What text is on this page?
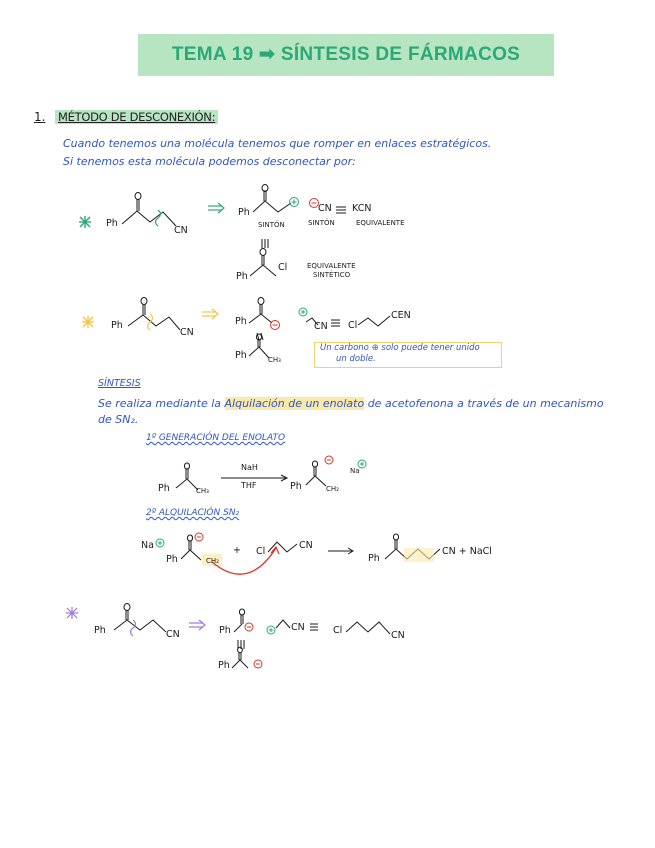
TEMA 19 ➡ SÍNTESIS DE FÁRMACOS
1. MÉTODO DE DESCONEXIÓN:
Cuando tenemos una molécula tenemos que romper en enlaces estratégicos.
Si tenemos esta molécula podemos desconectar por:
Ph
CN
Ph	CN KCN
SINTÓN	SINTÓN	EQUIVALENTE
Ph
Cl	EQUIVALENTE
SINTÉTICO
Ph
CN
Ph
Ph	CH₃
CN Cl
CEN
Un carbono ⊕ solo puede tener unido
un doble.
SÍNTESIS
Se realiza mediante la Alquilación de un enolato de acetofenona a través de un mecanismo
de SN₂.
1º GENERACIÓN DEL ENOLATO
Ph	CH₃
NaH
THF	Ph	CH₂
Na
2º ALQUILACIÓN SN₂
Na
Ph	CH₂
+ Cl
CN
Ph
CN + NaCl
Ph	CN	Ph	CN	Cl	CN
Ph
